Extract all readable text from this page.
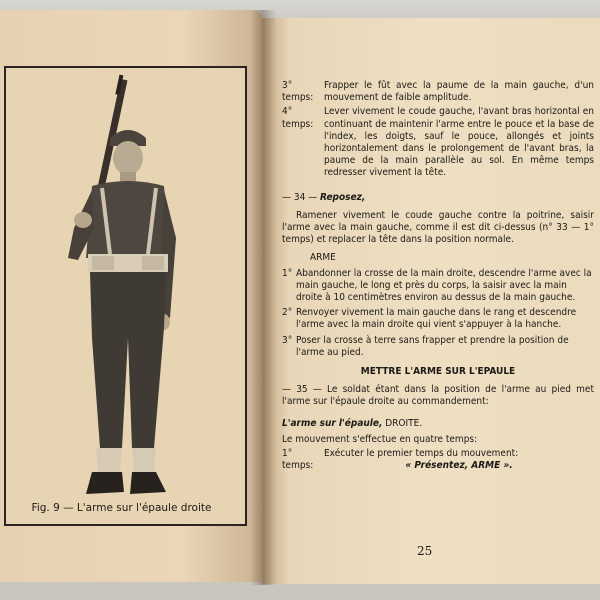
Fig. 9 — L'arme sur l'épaule droite
3° temps:
Frapper le fût avec la paume de la main gauche, d'un mouvement de faible amplitude.
4° temps:
Lever vivement le coude gauche, l'avant bras horizontal en continuant de maintenir l'arme entre le pouce et la base de l'index, les doigts, sauf le pouce, allongés et joints horizontalement dans le prolongement de l'avant bras, la paume de la main parallèle au sol. En même temps redresser vivement la tête.
— 34 — Reposez,
Ramener vivement le coude gauche contre la poitrine, saisir l'arme avec la main gauche, comme il est dit ci-dessus (n° 33 — 1° temps) et replacer la tête dans la position normale.
ARME
1° Abandonner la crosse de la main droite, descendre l'arme avec la main gauche, le long et près du corps, la saisir avec la main droite à 10 centimètres environ au dessus de la main gauche.
2° Renvoyer vivement la main gauche dans le rang et descendre l'arme avec la main droite qui vient s'appuyer à la hanche.
3° Poser la crosse à terre sans frapper et prendre la position de l'arme au pied.
METTRE L'ARME SUR L'EPAULE
— 35 — Le soldat étant dans la position de l'arme au pied met l'arme sur l'épaule droite au commandement:
L'arme sur l'épaule, DROITE.
Le mouvement s'effectue en quatre temps:
1° temps:
Exécuter le premier temps du mouvement:
« Présentez, ARME ».
25
